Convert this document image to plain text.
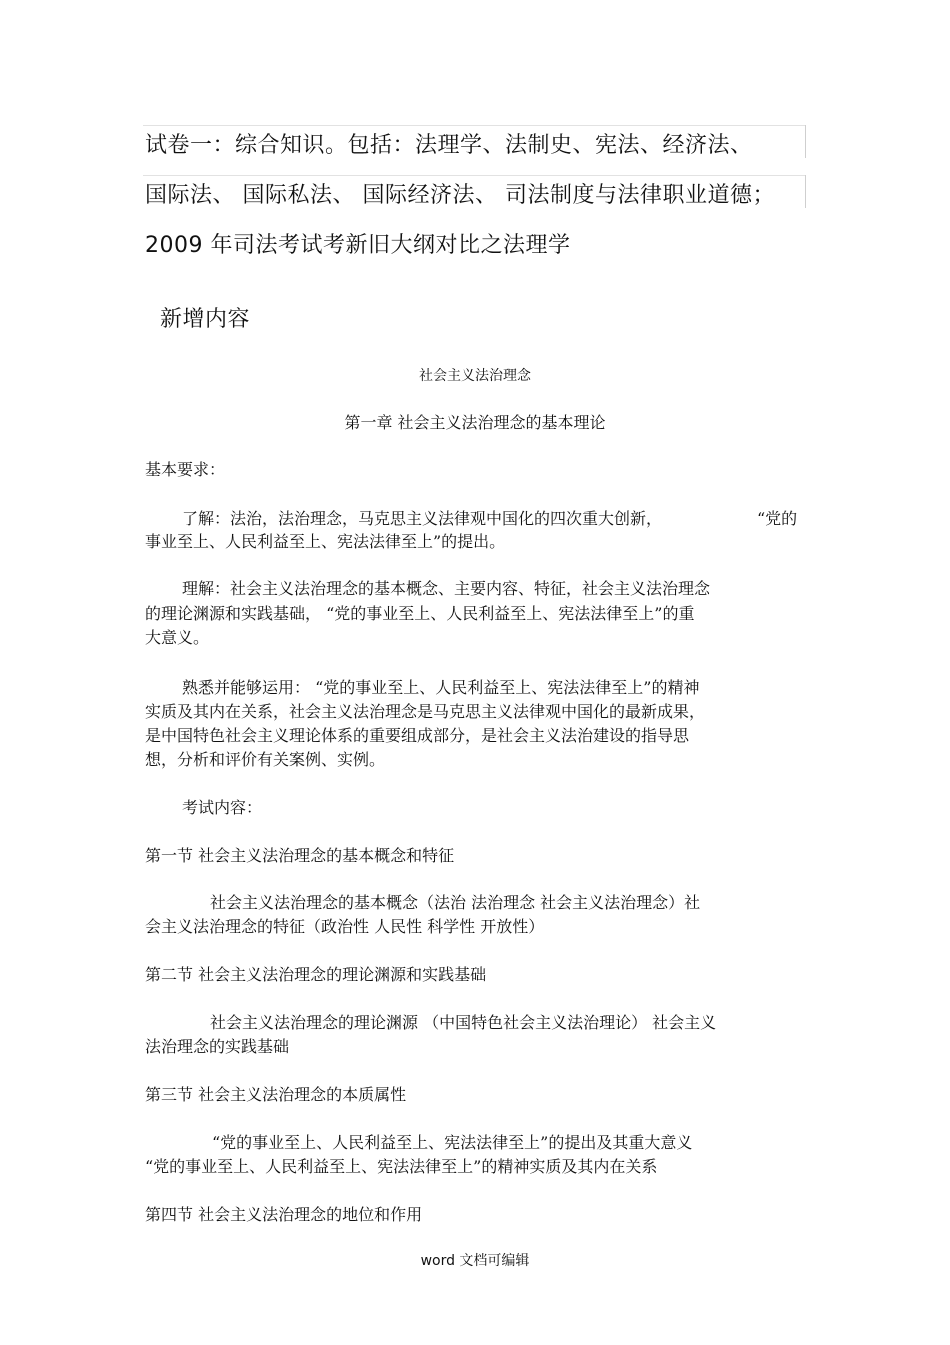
试卷一：综合知识。包括：法理学、法制史、宪法、经济法、
国际法、 国际私法、 国际经济法、 司法制度与法律职业道德；
2009 年司法考试考新旧大纲对比之法理学
新增内容
社会主义法治理念
第一章 社会主义法治理念的基本理论
基本要求：
了解：法治，法治理念，马克思主义法律观中国化的四次重大创新，	“党的
事业至上、人民利益至上、宪法法律至上”的提出。
理解：社会主义法治理念的基本概念、主要内容、特征，社会主义法治理念
的理论渊源和实践基础， “党的事业至上、人民利益至上、宪法法律至上”的重
大意义。
熟悉并能够运用： “党的事业至上、人民利益至上、宪法法律至上”的精神
实质及其内在关系，社会主义法治理念是马克思主义法律观中国化的最新成果，
是中国特色社会主义理论体系的重要组成部分，是社会主义法治建设的指导思
想，分析和评价有关案例、实例。
考试内容：
第一节 社会主义法治理念的基本概念和特征
社会主义法治理念的基本概念（法治 法治理念 社会主义法治理念）社
会主义法治理念的特征（政治性 人民性 科学性 开放性）
第二节 社会主义法治理念的理论渊源和实践基础
社会主义法治理念的理论渊源 （中国特色社会主义法治理论） 社会主义
法治理念的实践基础
第三节 社会主义法治理念的本质属性
“党的事业至上、人民利益至上、宪法法律至上”的提出及其重大意义
“党的事业至上、人民利益至上、宪法法律至上”的精神实质及其内在关系
第四节 社会主义法治理念的地位和作用
word 文档可编辑
